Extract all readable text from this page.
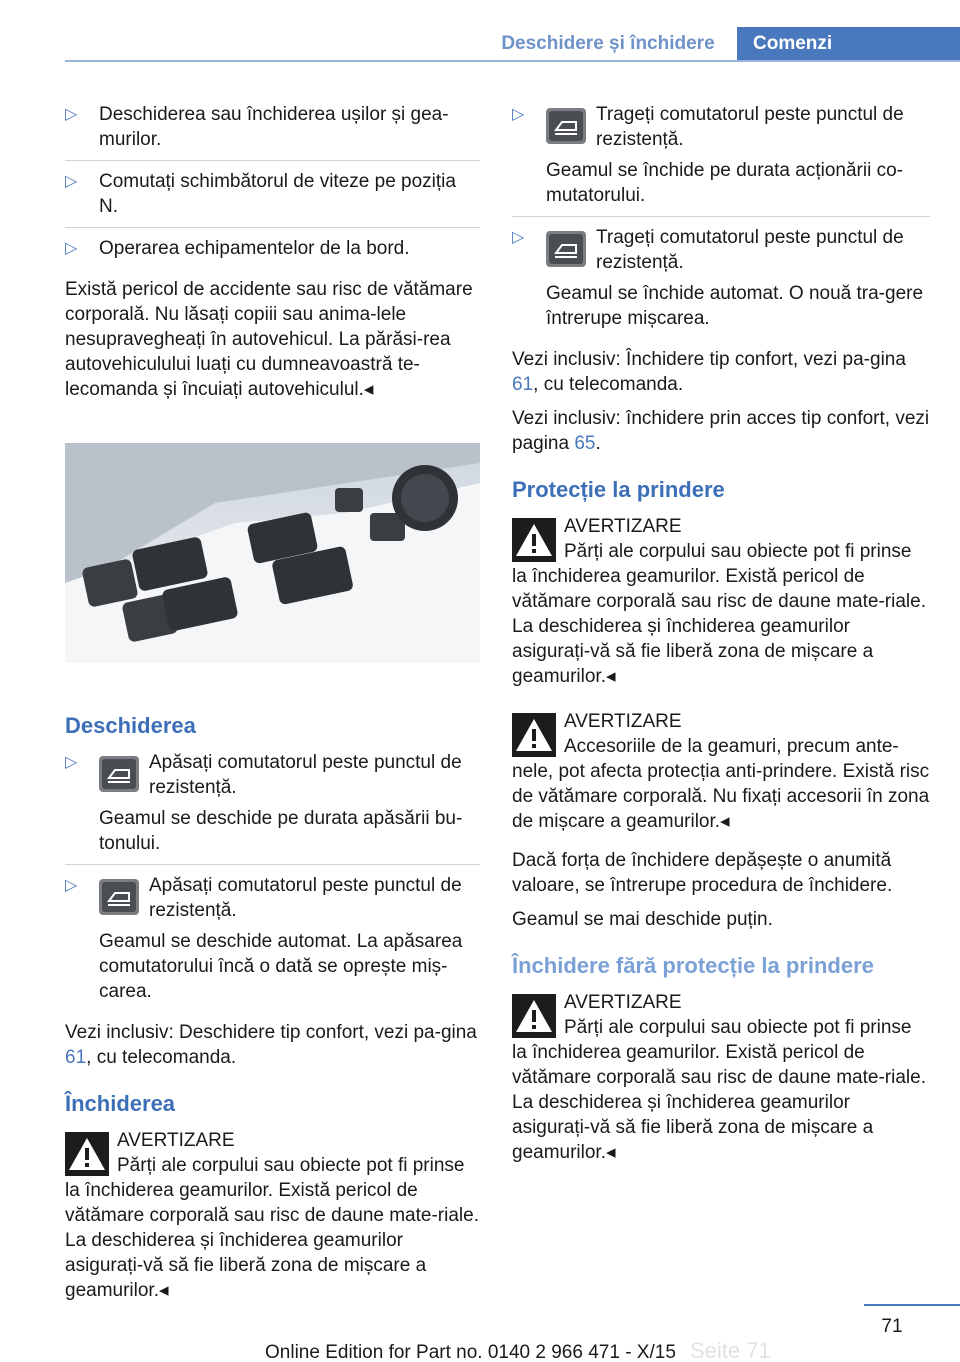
Deschidere și închidere	Comenzi
▷ Deschiderea sau închiderea ușilor și gea-murilor.
▷ Comutați schimbătorul de viteze pe poziția N.
▷ Operarea echipamentelor de la bord.

Există pericol de accidente sau risc de vătămare corporală. Nu lăsați copiii sau anima-lele nesupravegheați în autovehicul. La părăsi-rea autovehiculului luați cu dumneavoastră te-lecomanda și încuiați autovehiculul.◂

Deschiderea
▷	Apăsați comutatorul peste punctul de rezistență.
Geamul se deschide pe durata apăsării bu-tonului.
▷	Apăsați comutatorul peste punctul de rezistență.
Geamul se deschide automat. La apăsarea comutatorului încă o dată se oprește miș-carea.

Vezi inclusiv: Deschidere tip confort, vezi pa-gina 61, cu telecomanda.

Închiderea
AVERTIZARE
Părți ale corpului sau obiecte pot fi prinse
la închiderea geamurilor. Există pericol de vătămare corporală sau risc de daune mate-riale. La deschiderea și închiderea geamurilor asigurați-vă să fie liberă zona de mișcare a geamurilor.◂
▷	Trageți comutatorul peste punctul de rezistență.
Geamul se închide pe durata acționării co-mutatorului.
▷	Trageți comutatorul peste punctul de rezistență.
Geamul se închide automat. O nouă tra-gere întrerupe mișcarea.

Vezi inclusiv: Închidere tip confort, vezi pa-gina 61, cu telecomanda.

Vezi inclusiv: închidere prin acces tip confort, vezi pagina 65.

Protecție la prindere
AVERTIZARE
Părți ale corpului sau obiecte pot fi prinse
la închiderea geamurilor. Există pericol de vătămare corporală sau risc de daune mate-riale. La deschiderea și închiderea geamurilor asigurați-vă să fie liberă zona de mișcare a geamurilor.◂
AVERTIZARE
Accesoriile de la geamuri, precum ante-
nele, pot afecta protecția anti-prindere. Există risc de vătămare corporală. Nu fixați accesorii în zona de mișcare a geamurilor.◂

Dacă forța de închidere depășește o anumită valoare, se întrerupe procedura de închidere.

Geamul se mai deschide puțin.

Închidere fără protecție la prindere
AVERTIZARE
Părți ale corpului sau obiecte pot fi prinse
la închiderea geamurilor. Există pericol de vătămare corporală sau risc de daune mate-riale. La deschiderea și închiderea geamurilor asigurați-vă să fie liberă zona de mișcare a geamurilor.◂
71
Online Edition for Part no. 0140 2 966 471 - X/15 Seite 71
